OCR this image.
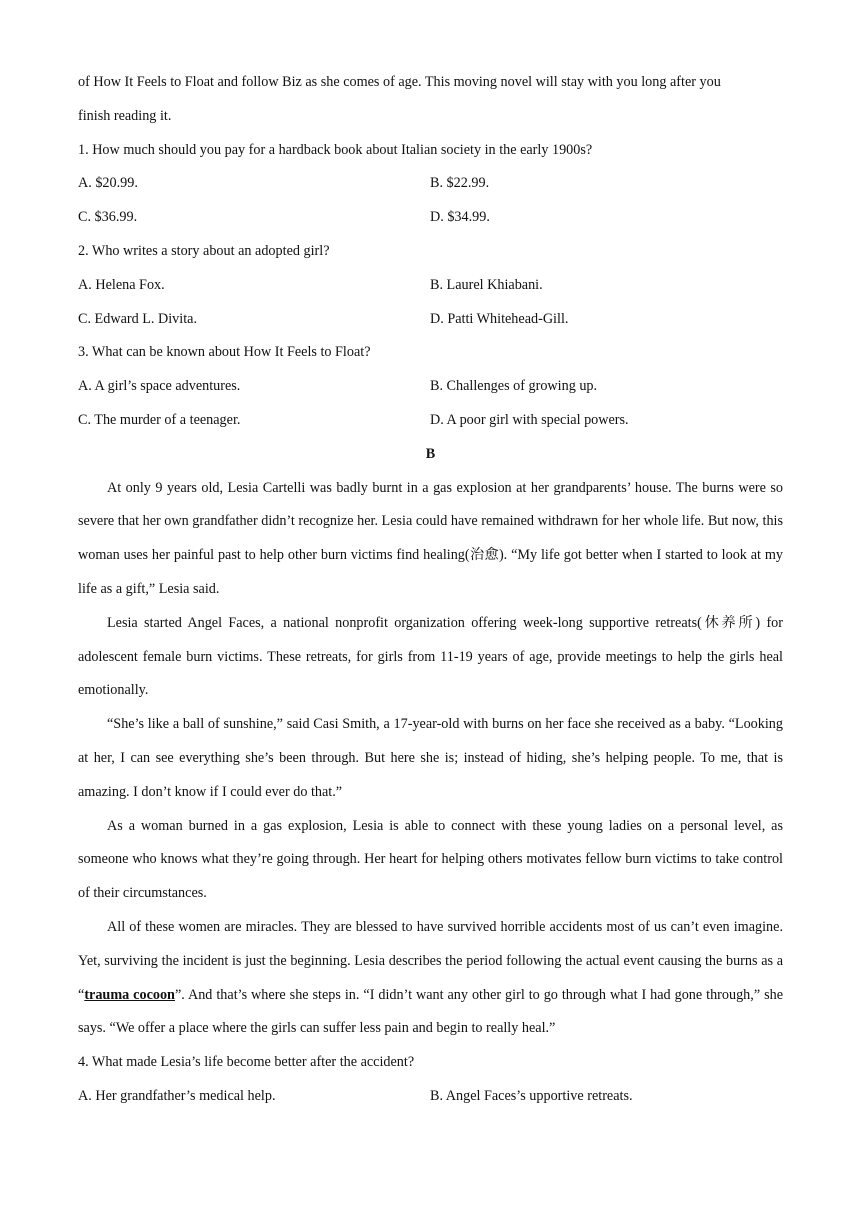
of How It Feels to Float and follow Biz as she comes of age. This moving novel will stay with you long after you
finish reading it.
1. How much should you pay for a hardback book about Italian society in the early 1900s?
A. $20.99.	B. $22.99.
C. $36.99.	D. $34.99.
2. Who writes a story about an adopted girl?
A. Helena Fox.	B. Laurel Khiabani.
C. Edward L. Divita.	D. Patti Whitehead-Gill.
3. What can be known about How It Feels to Float?
A. A girl’s space adventures.	B. Challenges of growing up.
C. The murder of a teenager.	D. A poor girl with special powers.
B
At only 9 years old, Lesia Cartelli was badly burnt in a gas explosion at her grandparents’ house. The burns were so severe that her own grandfather didn’t recognize her. Lesia could have remained withdrawn for her whole life. But now, this woman uses her painful past to help other burn victims find healing(治愈). “My life got better when I started to look at my life as a gift,” Lesia said.
Lesia started Angel Faces, a national nonprofit organization offering week-long supportive retreats(休养所) for adolescent female burn victims. These retreats, for girls from 11-19 years of age, provide meetings to help the girls heal emotionally.
“She’s like a ball of sunshine,” said Casi Smith, a 17-year-old with burns on her face she received as a baby. “Looking at her, I can see everything she’s been through. But here she is; instead of hiding, she’s helping people. To me, that is amazing. I don’t know if I could ever do that.”
As a woman burned in a gas explosion, Lesia is able to connect with these young ladies on a personal level, as someone who knows what they’re going through. Her heart for helping others motivates fellow burn victims to take control of their circumstances.
All of these women are miracles. They are blessed to have survived horrible accidents most of us can’t even imagine. Yet, surviving the incident is just the beginning. Lesia describes the period following the actual event causing the burns as a “trauma cocoon”. And that’s where she steps in. “I didn’t want any other girl to go through what I had gone through,” she says. “We offer a place where the girls can suffer less pain and begin to really heal.”
4. What made Lesia’s life become better after the accident?
A. Her grandfather’s medical help.	B. Angel Faces’s upportive retreats.
